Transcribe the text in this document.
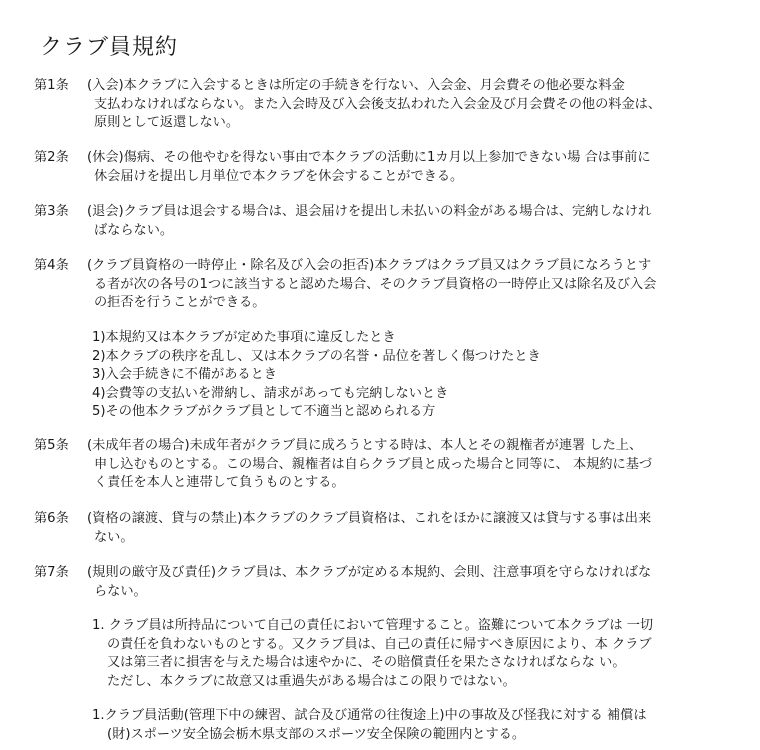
クラブ員規約
第1条 (入会)本クラブに入会するときは所定の手続きを行ない、入会金、月会費その他必要な料金
支払わなければならない。また入会時及び入会後支払われた入会金及び月会費その他の料金は、
原則として返還しない。
第2条 (休会)傷病、その他やむを得ない事由で本クラブの活動に1カ月以上参加できない場 合は事前に
休会届けを提出し月単位で本クラブを休会することができる。
第3条 (退会)クラブ員は退会する場合は、退会届けを提出し未払いの料金がある場合は、完納しなけれ
ばならない。
第4条 (クラブ員資格の一時停止・除名及び入会の拒否)本クラブはクラブ員又はクラブ員になろうとす
る者が次の各号の1つに該当すると認めた場合、そのクラブ員資格の一時停止又は除名及び入会
の拒否を行うことができる。
1)本規約又は本クラブが定めた事項に違反したとき
2)本クラブの秩序を乱し、又は本クラブの名誉・品位を著しく傷つけたとき
3)入会手続きに不備があるとき
4)会費等の支払いを滞納し、請求があっても完納しないとき
5)その他本クラブがクラブ員として不適当と認められる方
第5条 (未成年者の場合)未成年者がクラブ員に成ろうとする時は、本人とその親権者が連署 した上、
申し込むものとする。この場合、親権者は自らクラブ員と成った場合と同等に、 本規約に基づ
く責任を本人と連帯して負うものとする。
第6条 (資格の譲渡、貸与の禁止)本クラブのクラブ員資格は、これをほかに譲渡又は貸与する事は出来
ない。
第7条 (規則の厳守及び責任)クラブ員は、本クラブが定める本規約、会則、注意事項を守らなければな
らない。
1. クラブ員は所持品について自己の責任において管理すること。盗難について本クラブは 一切
の責任を負わないものとする。又クラブ員は、自己の責任に帰すべき原因により、本 クラブ
又は第三者に損害を与えた場合は速やかに、その賠償責任を果たさなければならな い。
ただし、本クラブに故意又は重過失がある場合はこの限りではない。
1.クラブ員活動(管理下中の練習、試合及び通常の往復途上)中の事故及び怪我に対する 補償は
(財)スポーツ安全協会栃木県支部のスポーツ安全保険の範囲内とする。
